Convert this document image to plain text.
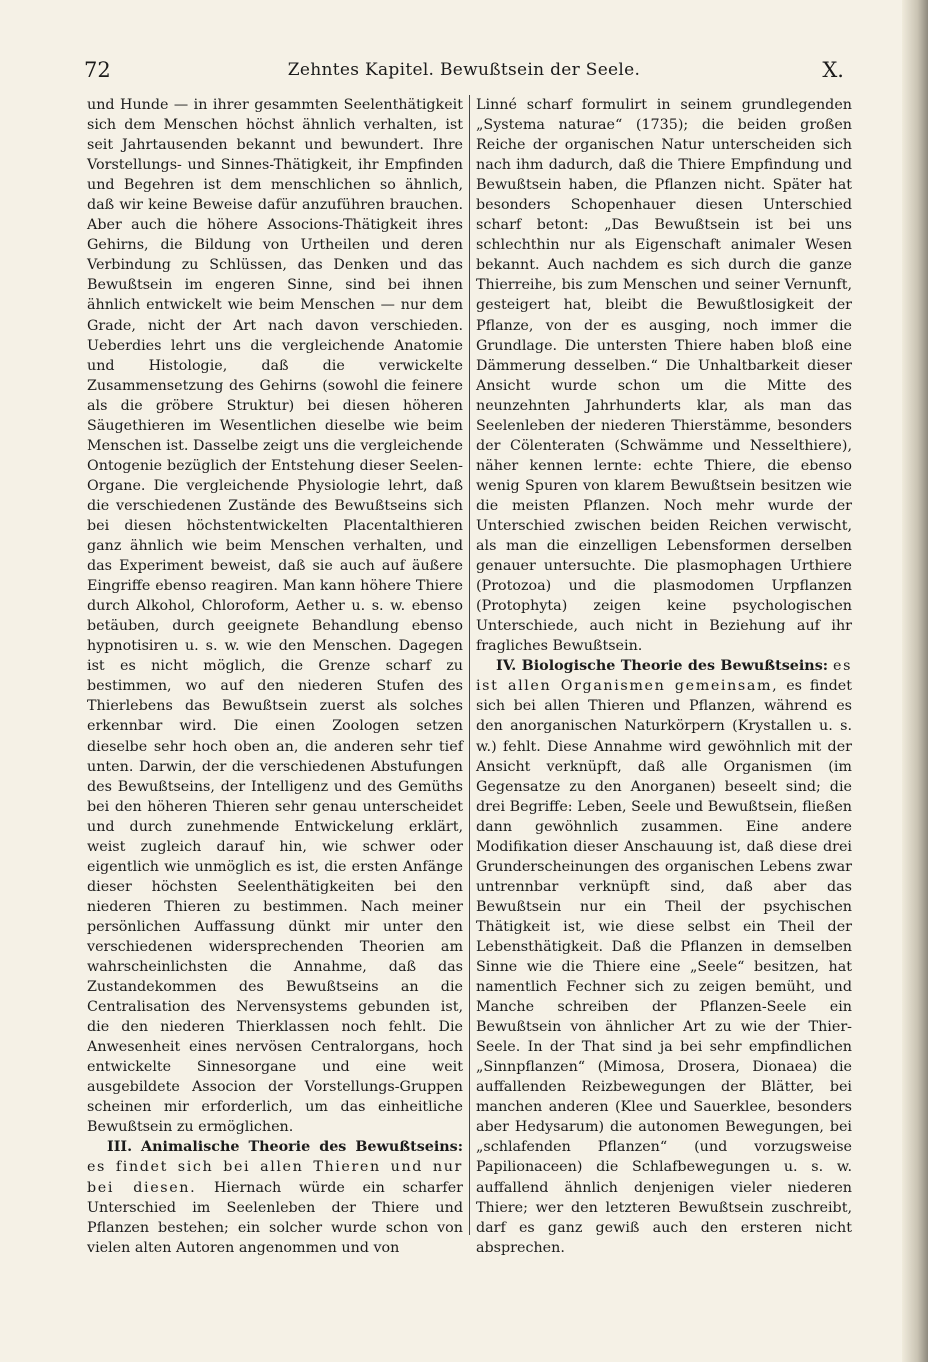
72	Zehntes Kapitel. Bewußtsein der Seele.	X.

und Hunde — in ihrer gesammten Seelenthätigkeit sich dem Menschen höchst ähnlich verhalten, ist seit Jahrtausenden bekannt und bewundert. Ihre Vorstellungs- und Sinnes-Thätigkeit, ihr Empfinden und Begehren ist dem menschlichen so ähnlich, daß wir keine Beweise dafür anzuführen brauchen. Aber auch die höhere Associons-Thätigkeit ihres Gehirns, die Bildung von Urtheilen und deren Verbindung zu Schlüssen, das Denken und das Bewußtsein im engeren Sinne, sind bei ihnen ähnlich entwickelt wie beim Menschen — nur dem Grade, nicht der Art nach davon verschieden. Ueberdies lehrt uns die vergleichende Anatomie und Histologie, daß die verwickelte Zusammensetzung des Gehirns (sowohl die feinere als die gröbere Struktur) bei diesen höheren Säugethieren im Wesentlichen dieselbe wie beim Menschen ist. Dasselbe zeigt uns die vergleichende Ontogenie bezüglich der Entstehung dieser Seelen-Organe. Die vergleichende Physiologie lehrt, daß die verschiedenen Zustände des Bewußtseins sich bei diesen höchstentwickelten Placentalthieren ganz ähnlich wie beim Menschen verhalten, und das Experiment beweist, daß sie auch auf äußere Eingriffe ebenso reagiren. Man kann höhere Thiere durch Alkohol, Chloroform, Aether u. s. w. ebenso betäuben, durch geeignete Behandlung ebenso hypnotisiren u. s. w. wie den Menschen. Dagegen ist es nicht möglich, die Grenze scharf zu bestimmen, wo auf den niederen Stufen des Thierlebens das Bewußtsein zuerst als solches erkennbar wird. Die einen Zoologen setzen dieselbe sehr hoch oben an, die anderen sehr tief unten. Darwin, der die verschiedenen Abstufungen des Bewußtseins, der Intelligenz und des Gemüths bei den höheren Thieren sehr genau unterscheidet und durch zunehmende Entwickelung erklärt, weist zugleich darauf hin, wie schwer oder eigentlich wie unmöglich es ist, die ersten Anfänge dieser höchsten Seelenthätigkeiten bei den niederen Thieren zu bestimmen. Nach meiner persönlichen Auffassung dünkt mir unter den verschiedenen widersprechenden Theorien am wahrscheinlichsten die Annahme, daß das Zustandekommen des Bewußtseins an die Centralisation des Nervensystems gebunden ist, die den niederen Thierklassen noch fehlt. Die Anwesenheit eines nervösen Centralorgans, hoch entwickelte Sinnesorgane und eine weit ausgebildete Associon der Vorstellungs-Gruppen scheinen mir erforderlich, um das einheitliche Bewußtsein zu ermöglichen.

III. Animalische Theorie des Bewußtseins: es findet sich bei allen Thieren und nur bei diesen. Hiernach würde ein scharfer Unterschied im Seelenleben der Thiere und Pflanzen bestehen; ein solcher wurde schon von vielen alten Autoren angenommen und von

Linné scharf formulirt in seinem grundlegenden „Systema naturae“ (1735); die beiden großen Reiche der organischen Natur unterscheiden sich nach ihm dadurch, daß die Thiere Empfindung und Bewußtsein haben, die Pflanzen nicht. Später hat besonders Schopenhauer diesen Unterschied scharf betont: „Das Bewußtsein ist bei uns schlechthin nur als Eigenschaft animaler Wesen bekannt. Auch nachdem es sich durch die ganze Thierreihe, bis zum Menschen und seiner Vernunft, gesteigert hat, bleibt die Bewußtlosigkeit der Pflanze, von der es ausging, noch immer die Grundlage. Die untersten Thiere haben bloß eine Dämmerung desselben.“ Die Unhaltbarkeit dieser Ansicht wurde schon um die Mitte des neunzehnten Jahrhunderts klar, als man das Seelenleben der niederen Thierstämme, besonders der Cölenteraten (Schwämme und Nesselthiere), näher kennen lernte: echte Thiere, die ebenso wenig Spuren von klarem Bewußtsein besitzen wie die meisten Pflanzen. Noch mehr wurde der Unterschied zwischen beiden Reichen verwischt, als man die einzelligen Lebensformen derselben genauer untersuchte. Die plasmophagen Urthiere (Protozoa) und die plasmodomen Urpflanzen (Protophyta) zeigen keine psychologischen Unterschiede, auch nicht in Beziehung auf ihr fragliches Bewußtsein.

IV. Biologische Theorie des Bewußtseins: es ist allen Organismen gemeinsam, es findet sich bei allen Thieren und Pflanzen, während es den anorganischen Naturkörpern (Krystallen u. s. w.) fehlt. Diese Annahme wird gewöhnlich mit der Ansicht verknüpft, daß alle Organismen (im Gegensatze zu den Anorganen) beseelt sind; die drei Begriffe: Leben, Seele und Bewußtsein, fließen dann gewöhnlich zusammen. Eine andere Modifikation dieser Anschauung ist, daß diese drei Grunderscheinungen des organischen Lebens zwar untrennbar verknüpft sind, daß aber das Bewußtsein nur ein Theil der psychischen Thätigkeit ist, wie diese selbst ein Theil der Lebensthätigkeit. Daß die Pflanzen in demselben Sinne wie die Thiere eine „Seele“ besitzen, hat namentlich Fechner sich zu zeigen bemüht, und Manche schreiben der Pflanzen-Seele ein Bewußtsein von ähnlicher Art zu wie der Thier-Seele. In der That sind ja bei sehr empfindlichen „Sinnpflanzen“ (Mimosa, Drosera, Dionaea) die auffallenden Reizbewegungen der Blätter, bei manchen anderen (Klee und Sauerklee, besonders aber Hedysarum) die autonomen Bewegungen, bei „schlafenden Pflanzen“ (und vorzugsweise Papilionaceen) die Schlafbewegungen u. s. w. auffallend ähnlich denjenigen vieler niederen Thiere; wer den letzteren Bewußtsein zuschreibt, darf es ganz gewiß auch den ersteren nicht absprechen.
